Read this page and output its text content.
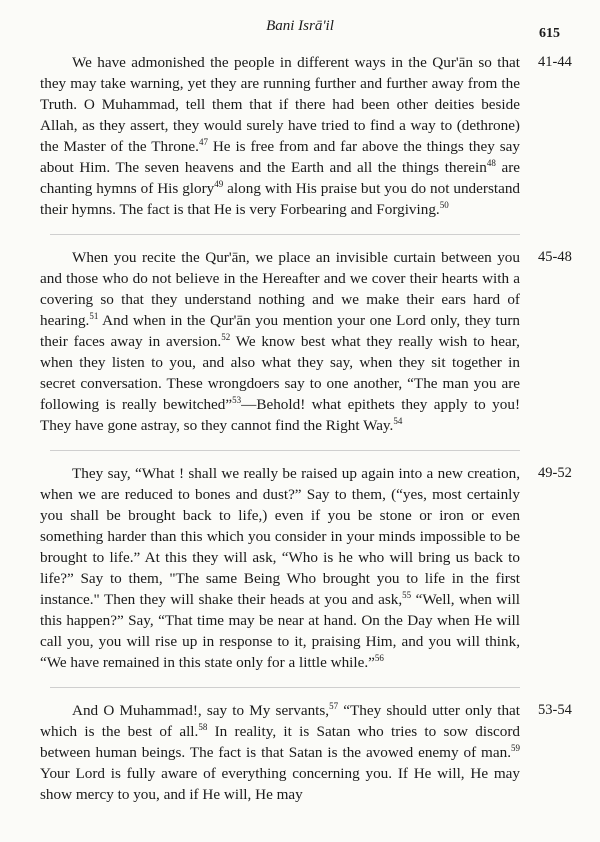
Bani Isrā'il	615

41-44
We have admonished the people in different ways in the Qur'ān so that they may take warning, yet they are running further and further away from the Truth. O Muhammad, tell them that if there had been other deities beside Allah, as they assert, they would surely have tried to find a way to (dethrone) the Master of the Throne.$^{47}$ He is free from and far above the things they say about Him. The seven heavens and the Earth and all the things therein$^{48}$ are chanting hymns of His glory$^{49}$ along with His praise but you do not understand their hymns. The fact is that He is very Forbearing and Forgiving.$^{50}$

45-48
When you recite the Qur'ān, we place an invisible curtain between you and those who do not believe in the Hereafter and we cover their hearts with a covering so that they understand nothing and we make their ears hard of hearing.$^{51}$ And when in the Qur'ān you mention your one Lord only, they turn their faces away in aversion.$^{52}$ We know best what they really wish to hear, when they listen to you, and also what they say, when they sit together in secret conversation. These wrongdoers say to one another, “The man you are following is really bewitched”$^{53}$—Behold! what epithets they apply to you! They have gone astray, so they cannot find the Right Way.$^{54}$

49-52
They say, “What ! shall we really be raised up again into a new creation, when we are reduced to bones and dust?” Say to them, (“yes, most certainly you shall be brought back to life,) even if you be stone or iron or even something harder than this which you consider in your minds impossible to be brought to life.” At this they will ask, “Who is he who will bring us back to life?” Say to them, "The same Being Who brought you to life in the first instance." Then they will shake their heads at you and ask,$^{55}$ “Well, when will this happen?” Say, “That time may be near at hand. On the Day when He will call you, you will rise up in response to it, praising Him, and you will think, “We have remained in this state only for a little while.”$^{56}$

53-54
And O Muhammad!, say to My servants,$^{57}$ “They should utter only that which is the best of all.$^{58}$ In reality, it is Satan who tries to sow discord between human beings. The fact is that Satan is the avowed enemy of man.$^{59}$ Your Lord is fully aware of everything concerning you. If He will, He may show mercy to you, and if He will, He may
